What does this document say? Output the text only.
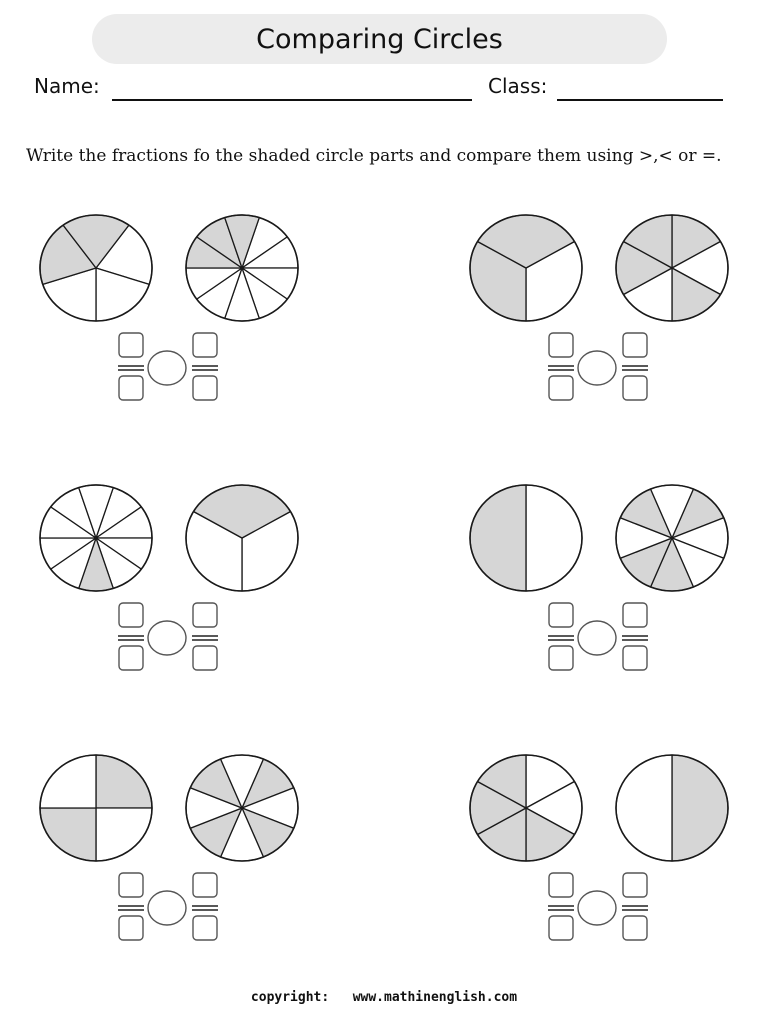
Comparing Circles
Name:	Class:
Write the fractions fo the shaded circle parts and compare them using >,< or =.
copyright: www.mathinenglish.com
